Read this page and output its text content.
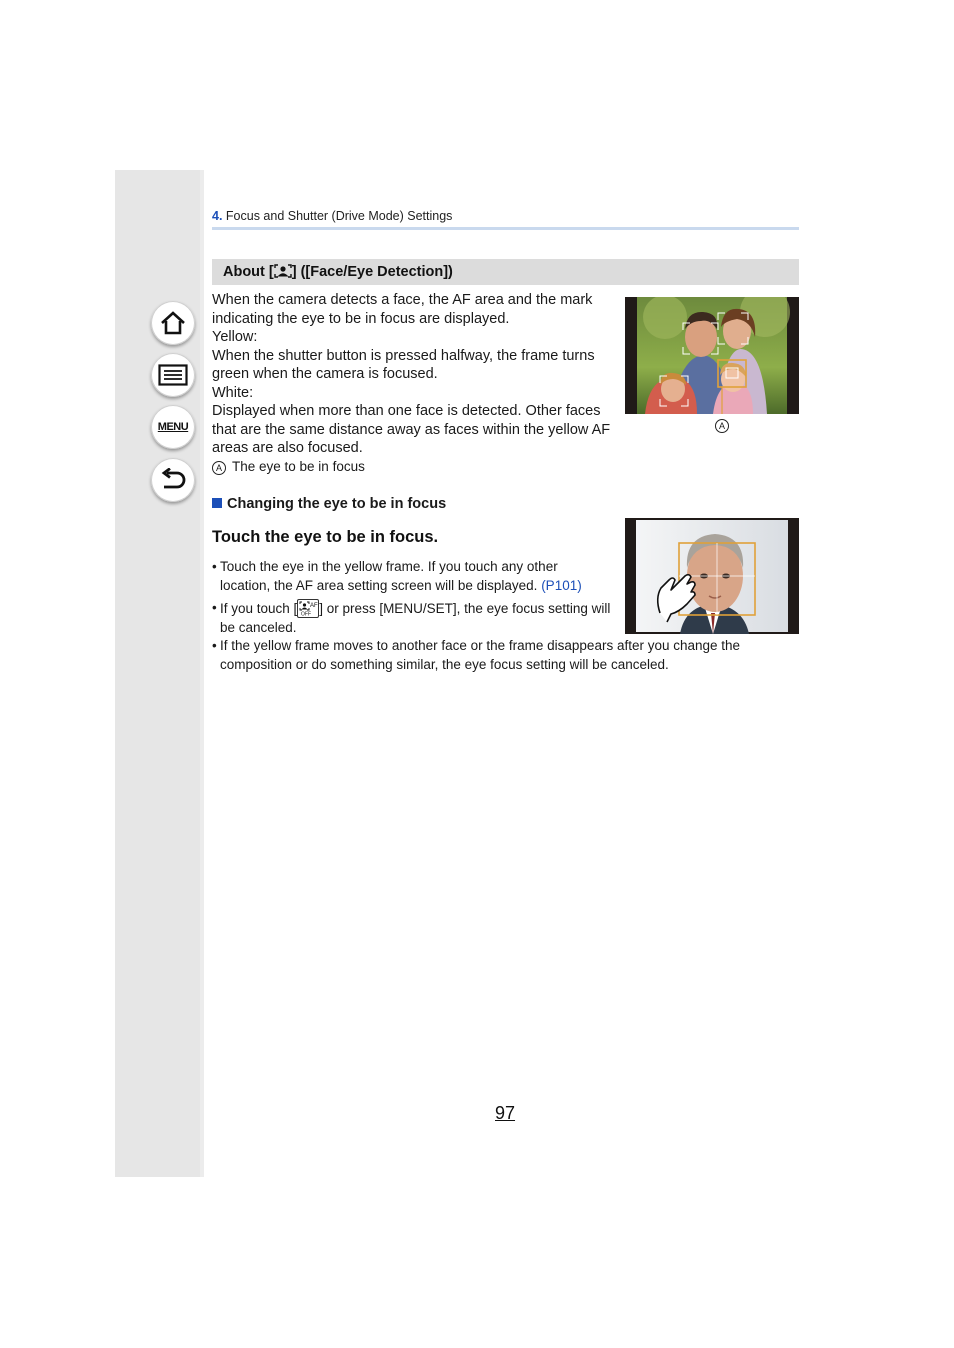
MENU
4. Focus and Shutter (Drive Mode) Settings
About [ ] ([Face/Eye Detection])

When the camera detects a face, the AF area and the mark indicating the eye to be in focus are displayed.

Yellow:

When the shutter button is pressed halfway, the frame turns green when the camera is focused.

White:

Displayed when more than one face is detected. Other faces that are the same distance away as faces within the yellow AF areas are also focused.

A The eye to be in focus
A
Changing the eye to be in focus
Touch the eye to be in focus.
• Touch the eye in the yellow frame. If you touch any other location, the AF area setting screen will be displayed. (P101)
• If you touch [ AF
OFF ] or press [MENU/SET], the eye focus setting will be canceled.
• If the yellow frame moves to another face or the frame disappears after you change the composition or do something similar, the eye focus setting will be canceled.
97
